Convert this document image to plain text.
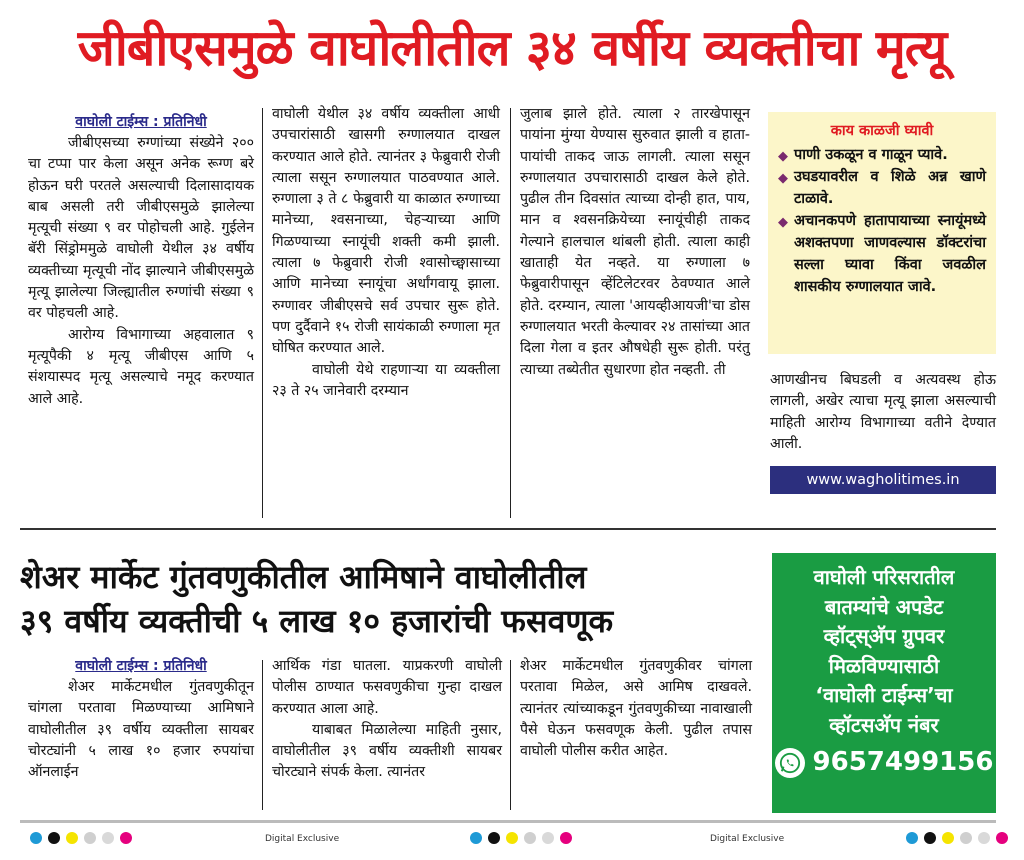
जीबीएसमुळे वाघोलीतील ३४ वर्षीय व्यक्तीचा मृत्यू
वाघोली टाईम्स : प्रतिनिधी

जीबीएसच्या रुग्णांच्या संख्येने २०० चा टप्पा पार केला असून अनेक रूग्ण बरे होऊन घरी परतले असल्याची दिलासादायक बाब असली तरी जीबीएसमुळे झालेल्या मृत्यूची संख्या ९ वर पोहोचली आहे. गुईलेन बॅरी सिंड्रोममुळे वाघोली येथील ३४ वर्षीय व्यक्तीच्या मृत्यूची नोंद झाल्याने जीबीएसमुळे मृत्यू झालेल्या जिल्ह्यातील रुग्णांची संख्या ९ वर पोहचली आहे.

आरोग्य विभागाच्या अहवालात ९ मृत्यूपैकी ४ मृत्यू जीबीएस आणि ५ संशयास्पद मृत्यू असल्याचे नमूद करण्यात आले आहे.

वाघोली येथील ३४ वर्षीय व्यक्तीला आधी उपचारांसाठी खासगी रुग्णालयात दाखल करण्यात आले होते. त्यानंतर ३ फेब्रुवारी रोजी त्याला ससून रुग्णालयात पाठवण्यात आले. रुग्णाला ३ ते ८ फेब्रुवारी या काळात रुग्णाच्या मानेच्या, श्वसनाच्या, चेहऱ्याच्या आणि गिळण्याच्या स्नायूंची शक्ती कमी झाली. त्याला ७ फेब्रुवारी रोजी श्वासोच्छ्वासाच्या आणि मानेच्या स्नायूंचा अर्धांगवायू झाला. रुग्णावर जीबीएसचे सर्व उपचार सुरू होते. पण दुर्दैवाने १५ रोजी सायंकाळी रुग्णाला मृत घोषित करण्यात आले.

वाघोली येथे राहणाऱ्या या व्यक्तीला २३ ते २५ जानेवारी दरम्यान

जुलाब झाले होते. त्याला २ तारखेपासून पायांना मुंग्या येण्यास सुरुवात झाली व हाता-पायांची ताकद जाऊ लागली. त्याला ससून रुग्णालयात उपचारासाठी दाखल केले होते. पुढील तीन दिवसांत त्याच्या दोन्ही हात, पाय, मान व श्वसनक्रियेच्या स्नायूंचीही ताकद गेल्याने हालचाल थांबली होती. त्याला काही खाताही येत नव्हते. या रुग्णाला ७ फेब्रुवारीपासून व्हेंटिलेटरवर ठेवण्यात आले होते. दरम्यान, त्याला 'आयव्हीआयजी'चा डोस रुग्णालयात भरती केल्यावर २४ तासांच्या आत दिला गेला व इतर औषधेही सुरू होती. परंतु त्याच्या तब्येतीत सुधारणा होत नव्हती. ती

काय काळजी घ्यावी
◆ पाणी उकळून व गाळून प्यावे.
◆ उघडयावरील व शिळे अन्न खाणे टाळावे.
◆ अचानकपणे हातापायाच्या स्नायूंमध्ये अशक्तपणा जाणवल्यास डॉक्टरांचा सल्ला घ्यावा किंवा जवळील शासकीय रुग्णालयात जावे.

आणखीनच बिघडली व अत्यवस्थ होऊ लागली, अखेर त्याचा मृत्यू झाला असल्याची माहिती आरोग्य विभागाच्या वतीने देण्यात आली.

www.wagholitimes.in
शेअर मार्केट गुंतवणुकीतील आमिषाने वाघोलीतील
३९ वर्षीय व्यक्तीची ५ लाख १० हजारांची फसवणूक
वाघोली टाईम्स : प्रतिनिधी

शेअर मार्केटमधील गुंतवणुकीतून चांगला परतावा मिळण्याच्या आमिषाने वाघोलीतील ३९ वर्षीय व्यक्तीला सायबर चोरट्यांनी ५ लाख १० हजार रुपयांचा ऑनलाईन

आर्थिक गंडा घातला. याप्रकरणी वाघोली पोलीस ठाण्यात फसवणुकीचा गुन्हा दाखल करण्यात आला आहे.

याबाबत मिळालेल्या माहिती नुसार, वाघोलीतील ३९ वर्षीय व्यक्तीशी सायबर चोरट्याने संपर्क केला. त्यानंतर

शेअर मार्केटमधील गुंतवणुकीवर चांगला परतावा मिळेल, असे आमिष दाखवले. त्यानंतर त्यांच्याकडून गुंतवणुकीच्या नावाखाली पैसे घेऊन फसवणूक केली. पुढील तपास वाघोली पोलीस करीत आहेत.

वाघोली परिसरातील
बातम्यांचे अपडेट
व्हॉट्स्अ‍ॅप ग्रुपवर
मिळविण्यासाठी
‘वाघोली टाईम्स’चा
व्हॉटसअ‍ॅप नंबर
9657499156
Digital Exclusive	Digital Exclusive
